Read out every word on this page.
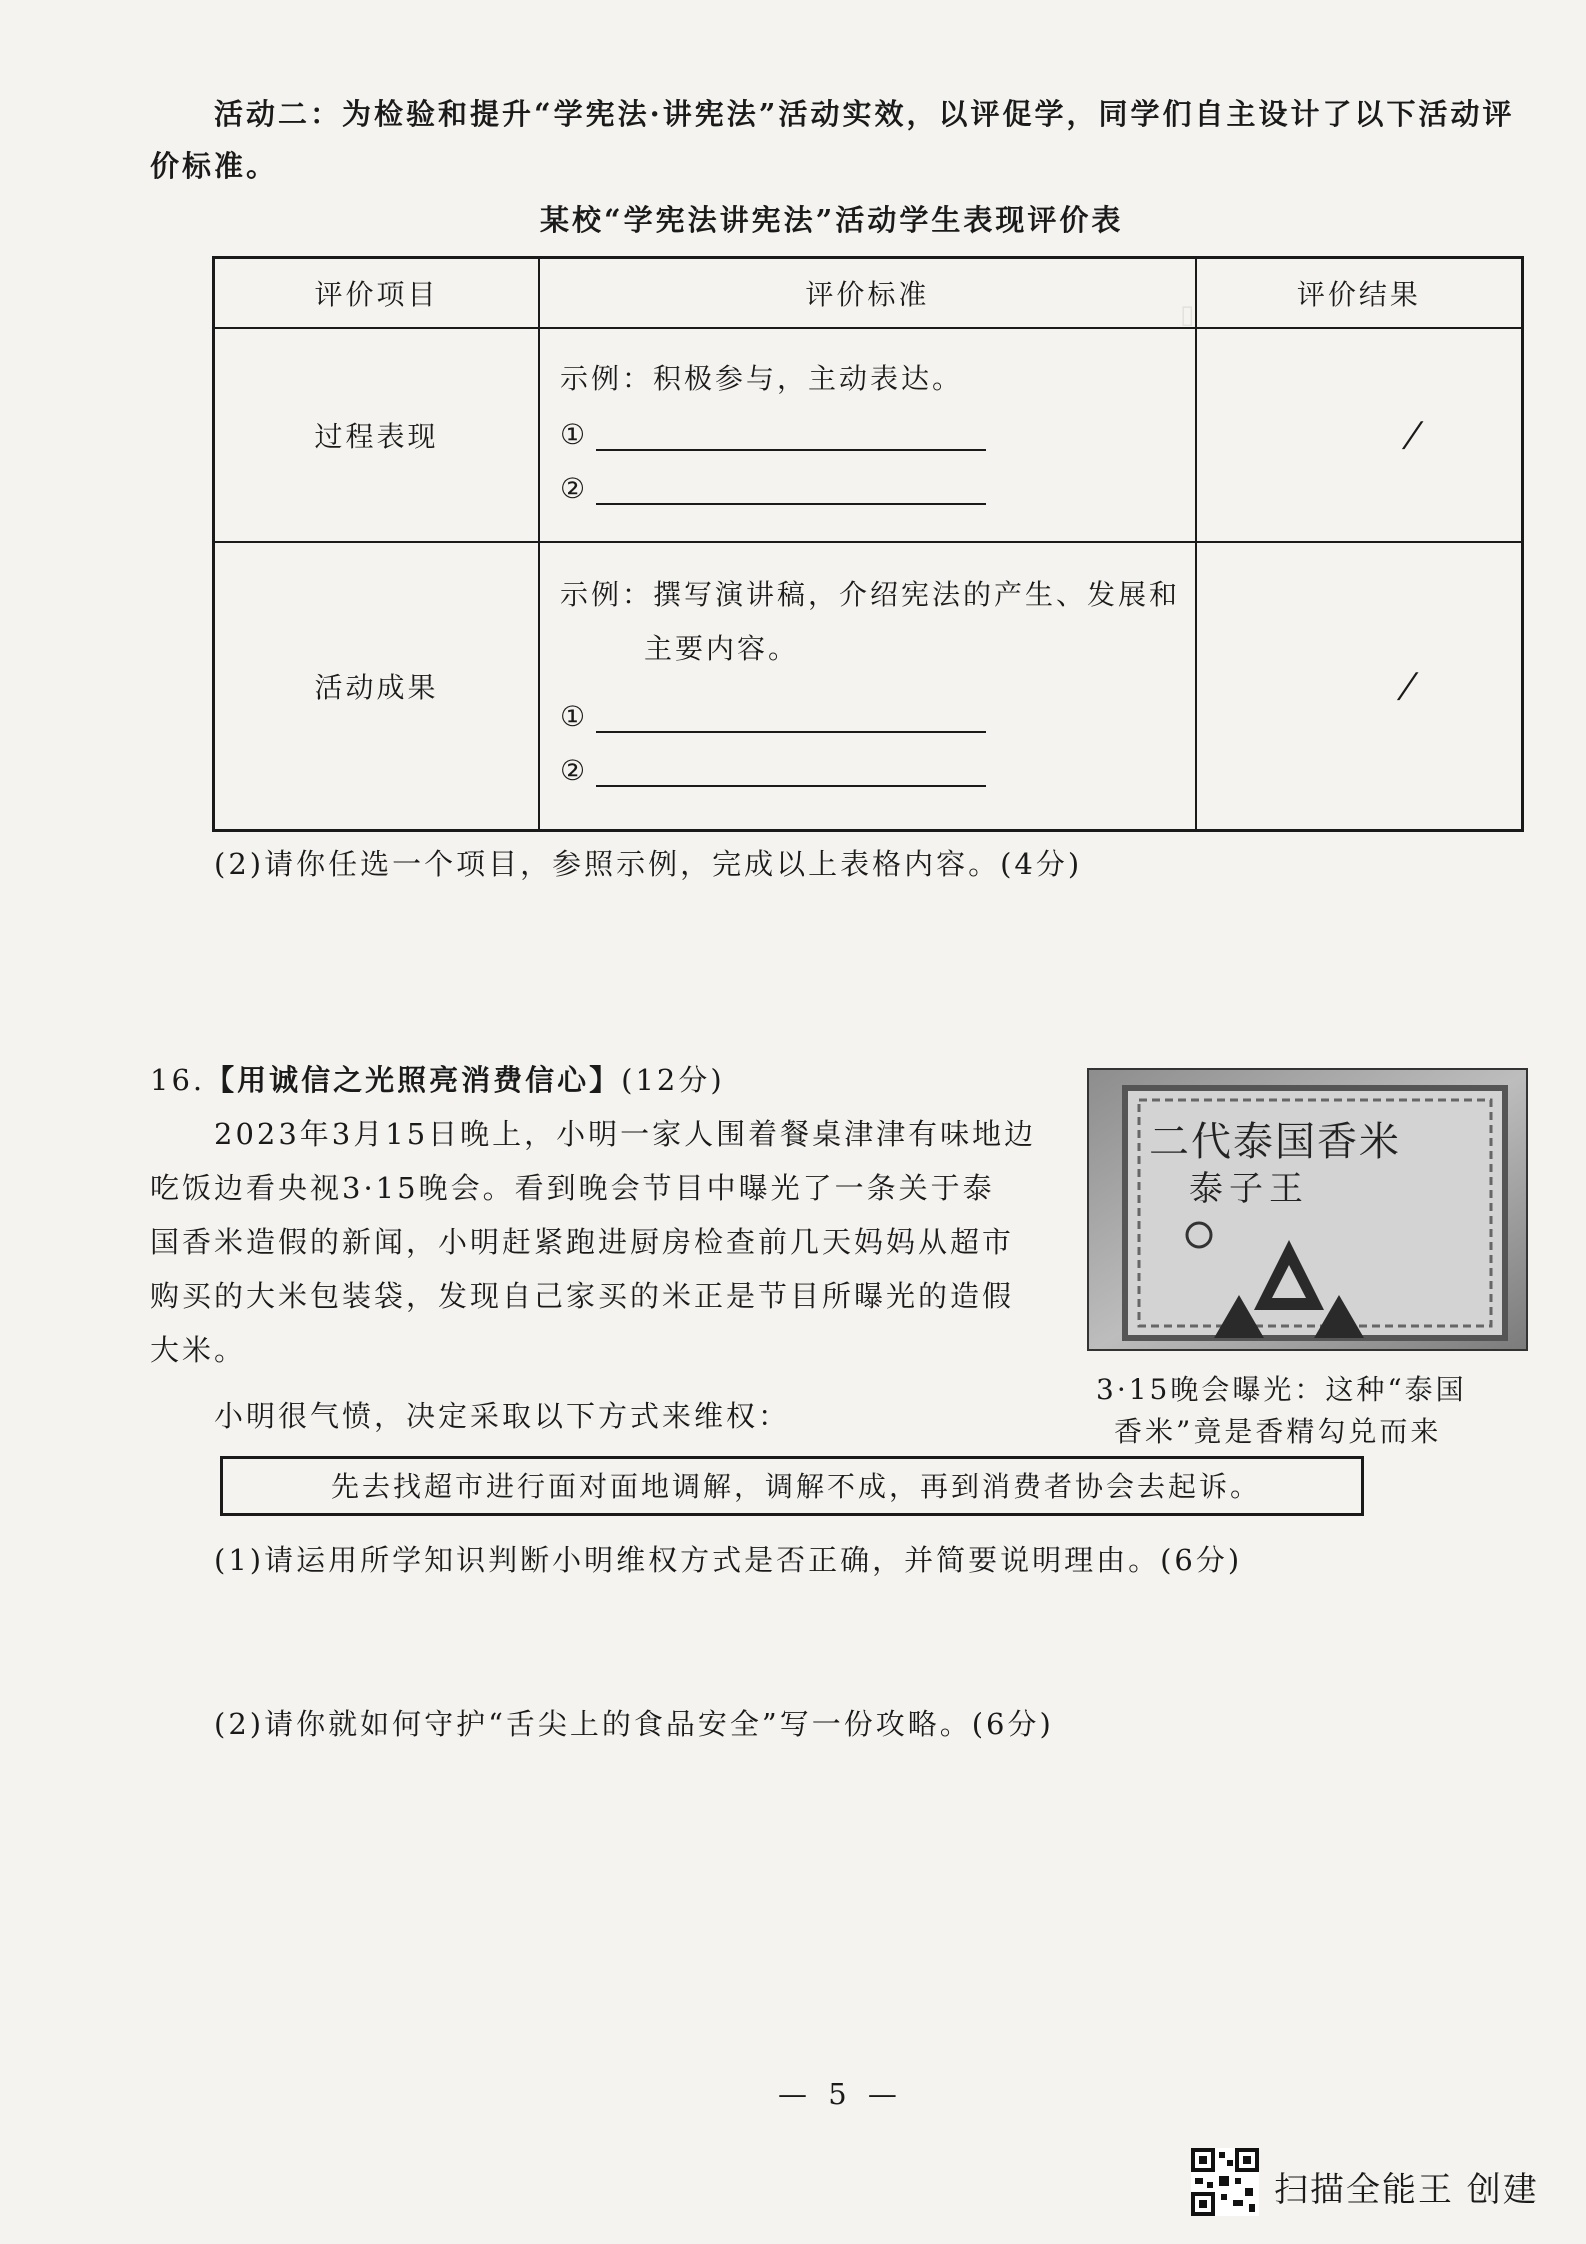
▯
活动二：为检验和提升“学宪法·讲宪法”活动实效，以评促学，同学们自主设计了以下活动评
价标准。
某校“学宪法讲宪法”活动学生表现评价表
评价项目	评价标准	评价结果
过程表现	示例：积极参与，主动表达。
①
②	/
活动成果	示例：撰写演讲稿，介绍宪法的产生、发展和
主要内容。
①
②	/
(2)请你任选一个项目，参照示例，完成以上表格内容。(4分)
16.【用诚信之光照亮消费信心】(12分)
2023年3月15日晚上，小明一家人围着餐桌津津有味地边
吃饭边看央视3·15晚会。看到晚会节目中曝光了一条关于泰
国香米造假的新闻，小明赶紧跑进厨房检查前几天妈妈从超市
购买的大米包装袋，发现自己家买的米正是节目所曝光的造假
大米。
二代泰国香米
泰子王
3·15晚会曝光：这种“泰国
香米”竟是香精勾兑而来
小明很气愤，决定采取以下方式来维权：
先去找超市进行面对面地调解，调解不成，再到消费者协会去起诉。
(1)请运用所学知识判断小明维权方式是否正确，并简要说明理由。(6分)
(2)请你就如何守护“舌尖上的食品安全”写一份攻略。(6分)
— 5 —
扫描全能王 创建
